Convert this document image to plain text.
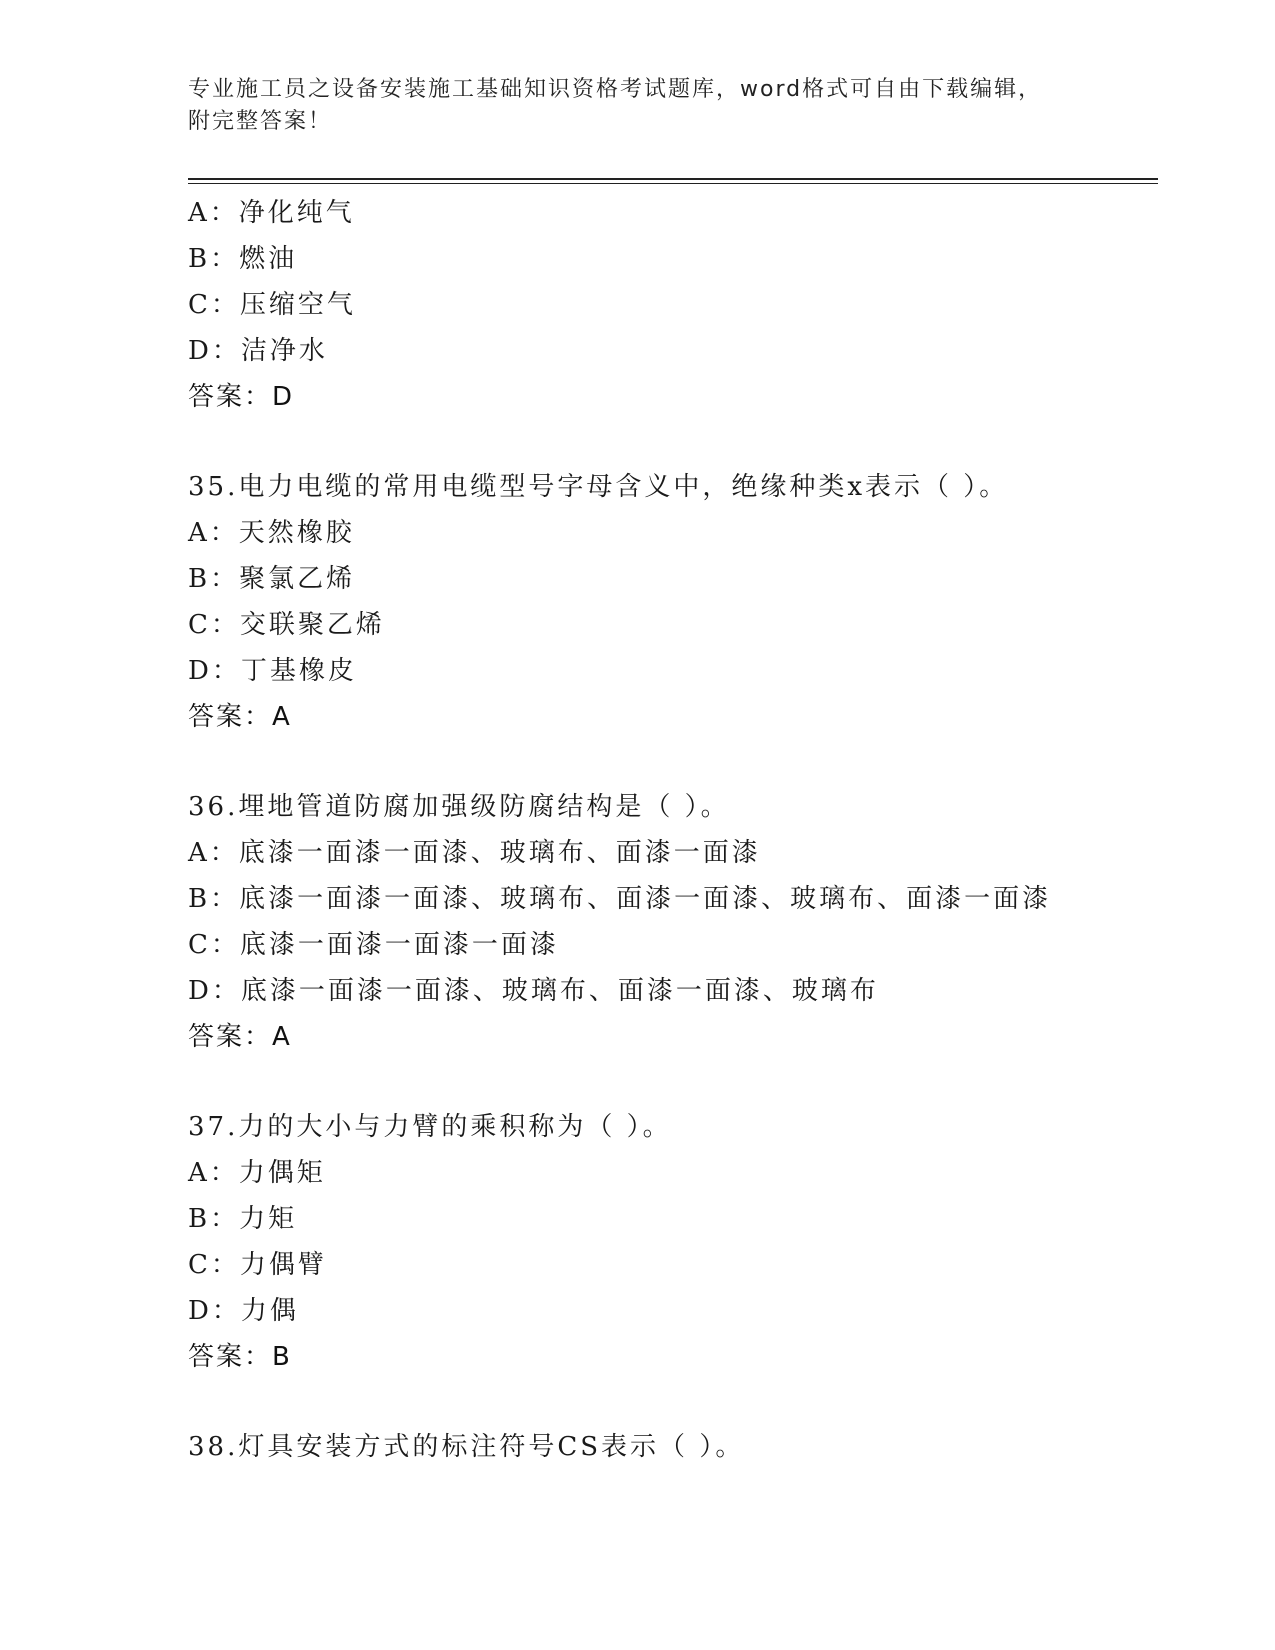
专业施工员之设备安装施工基础知识资格考试题库，word格式可自由下载编辑，
附完整答案！
A：净化纯气
B：燃油
C：压缩空气
D：洁净水
答案：D
35.电力电缆的常用电缆型号字母含义中，绝缘种类x表示（ ）。
A：天然橡胶
B：聚氯乙烯
C：交联聚乙烯
D：丁基橡皮
答案：A
36.埋地管道防腐加强级防腐结构是（ ）。
A：底漆一面漆一面漆、玻璃布、面漆一面漆
B：底漆一面漆一面漆、玻璃布、面漆一面漆、玻璃布、面漆一面漆
C：底漆一面漆一面漆一面漆
D：底漆一面漆一面漆、玻璃布、面漆一面漆、玻璃布
答案：A
37.力的大小与力臂的乘积称为（ ）。
A：力偶矩
B：力矩
C：力偶臂
D：力偶
答案：B
38.灯具安装方式的标注符号CS表示（ ）。
